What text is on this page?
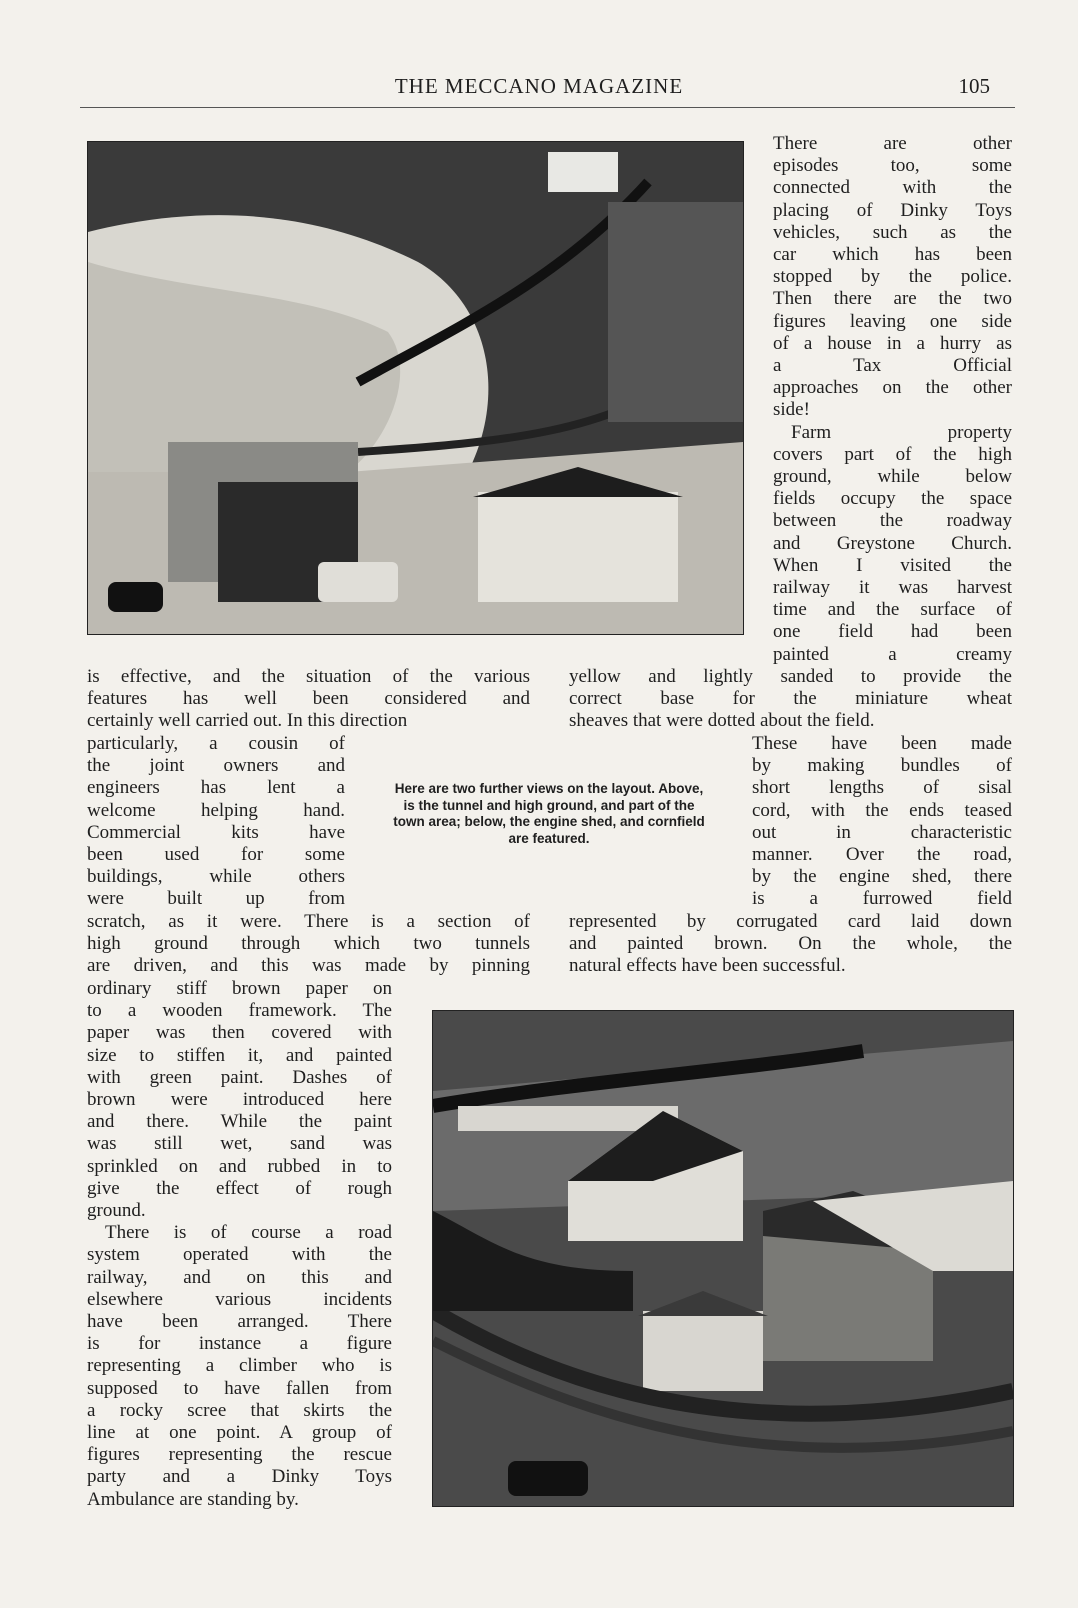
THE MECCANO MAGAZINE	105

There are other

episodes too, some

connected with the

placing of Dinky Toys

vehicles, such as the

car which has been

stopped by the police.

Then there are the two

figures leaving one side

of a house in a hurry as

a Tax Official

approaches on the other

side!

Farm property

covers part of the high

ground, while below

fields occupy the space

between the roadway

and Greystone Church.

When I visited the

railway it was harvest

time and the surface of

one field had been

painted a creamy

is effective, and the situation of the various

features has well been considered and

certainly well carried out. In this direction

yellow and lightly sanded to provide the

correct base for the miniature wheat

sheaves that were dotted about the field.

particularly, a cousin of

the joint owners and

engineers has lent a

welcome helping hand.

Commercial kits have

been used for some

buildings, while others

were built up from

Here are two further views on the layout. Above, is the tunnel and high ground, and part of the town area; below, the engine shed, and cornfield are featured.

These have been made

by making bundles of

short lengths of sisal

cord, with the ends teased

out in characteristic

manner. Over the road,

by the engine shed, there

is a furrowed field

scratch, as it were. There is a section of

high ground through which two tunnels

are driven, and this was made by pinning

represented by corrugated card laid down

and painted brown. On the whole, the

natural effects have been successful.

ordinary stiff brown paper on

to a wooden framework. The

paper was then covered with

size to stiffen it, and painted

with green paint. Dashes of

brown were introduced here

and there. While the paint

was still wet, sand was

sprinkled on and rubbed in to

give the effect of rough

ground.

There is of course a road

system operated with the

railway, and on this and

elsewhere various incidents

have been arranged. There

is for instance a figure

representing a climber who is

supposed to have fallen from

a rocky scree that skirts the

line at one point. A group of

figures representing the rescue

party and a Dinky Toys

Ambulance are standing by.
